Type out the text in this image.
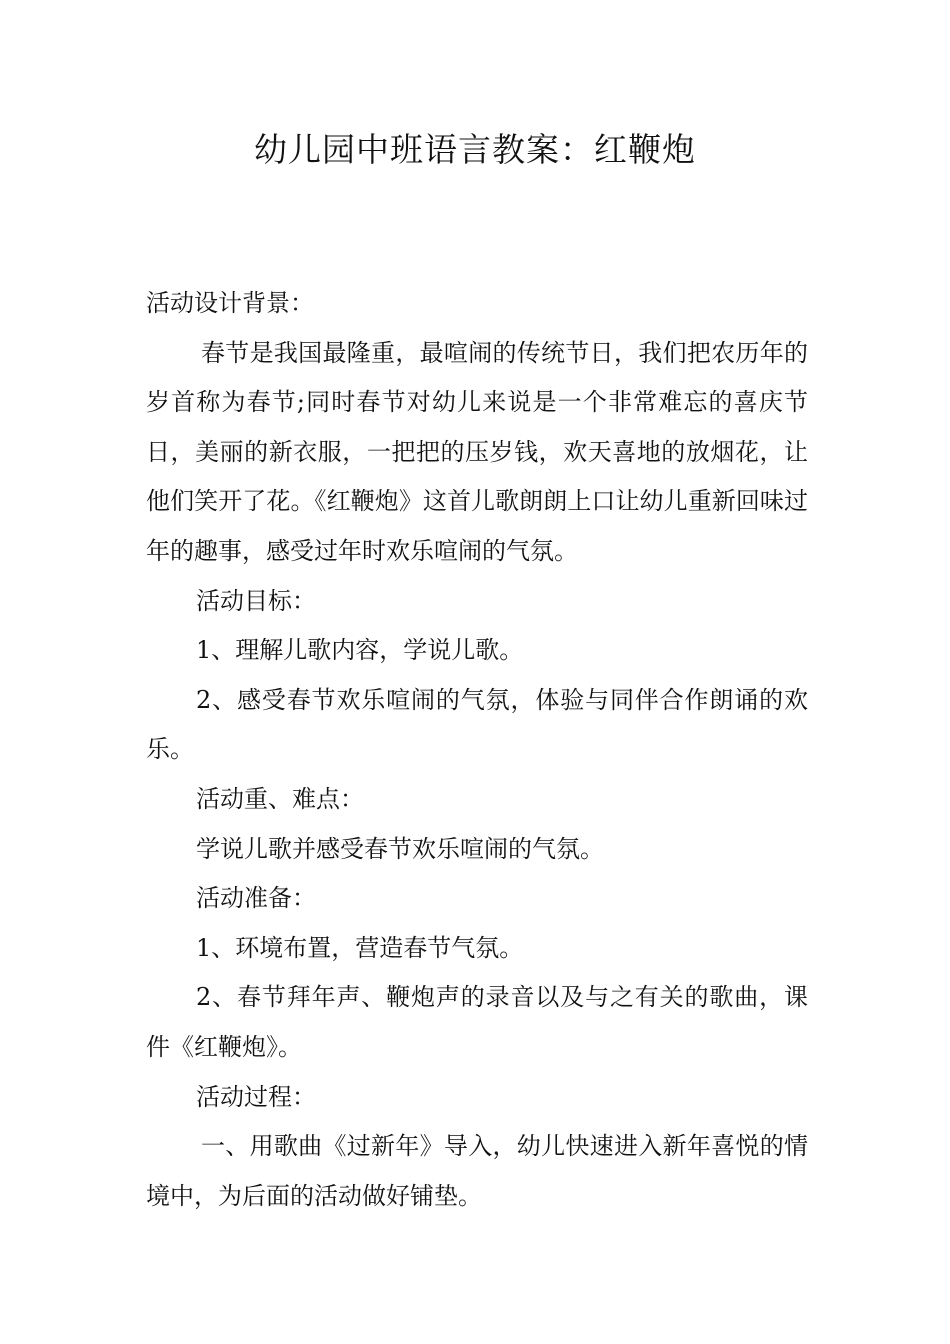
幼儿园中班语言教案：红鞭炮

活动设计背景：

春节是我国最隆重，最喧闹的传统节日，我们把农历年的岁首称为春节;同时春节对幼儿来说是一个非常难忘的喜庆节日，美丽的新衣服，一把把的压岁钱，欢天喜地的放烟花，让他们笑开了花。《红鞭炮》这首儿歌朗朗上口让幼儿重新回味过年的趣事，感受过年时欢乐喧闹的气氛。

活动目标：

1、理解儿歌内容，学说儿歌。

2、感受春节欢乐喧闹的气氛，体验与同伴合作朗诵的欢乐。

活动重、难点：

学说儿歌并感受春节欢乐喧闹的气氛。

活动准备：

1、环境布置，营造春节气氛。

2、春节拜年声、鞭炮声的录音以及与之有关的歌曲，课件《红鞭炮》。

活动过程：

一、用歌曲《过新年》导入，幼儿快速进入新年喜悦的情境中，为后面的活动做好铺垫。
